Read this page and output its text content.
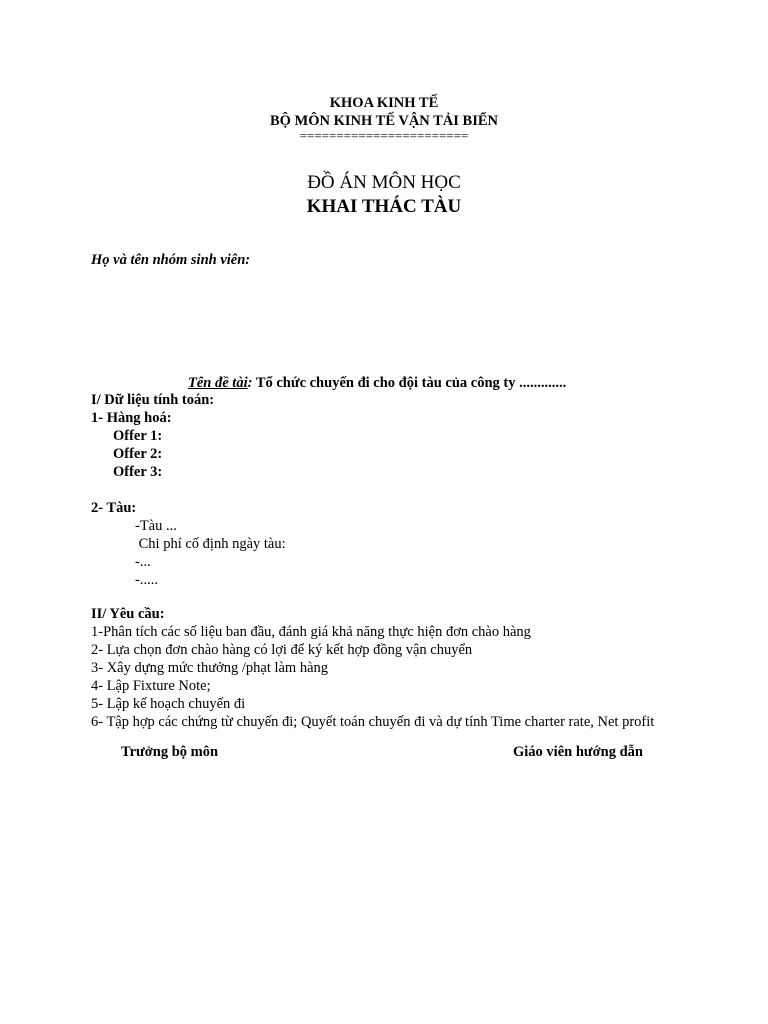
KHOA KINH TẾ
BỘ MÔN KINH TẾ VẬN TẢI BIỂN
=======================
ĐỒ ÁN MÔN HỌC
KHAI THÁC TÀU
Họ và tên nhóm sinh viên:
Tên đề tài: Tổ chức chuyến đi cho đội tàu của công ty .............
I/ Dữ liệu tính toán:
1- Hàng hoá:
Offer 1:
Offer 2:
Offer 3:
2- Tàu:
-Tàu ...
Chi phí cố định ngày tàu:
-...
-.....
II/ Yêu cầu:
1-Phân tích các số liệu ban đầu, đánh giá khả năng thực hiện đơn chào hàng
2- Lựa chọn đơn chào hàng có lợi để ký kết hợp đồng vận chuyển
3- Xây dựng mức thưởng /phạt làm hàng
4- Lập Fixture Note;
5- Lập kế hoạch chuyến đi
6- Tập hợp các chứng từ chuyến đi; Quyết toán chuyến đi và dự tính Time charter rate, Net profit
Trưởng bộ môn	Giáo viên hướng dẫn
